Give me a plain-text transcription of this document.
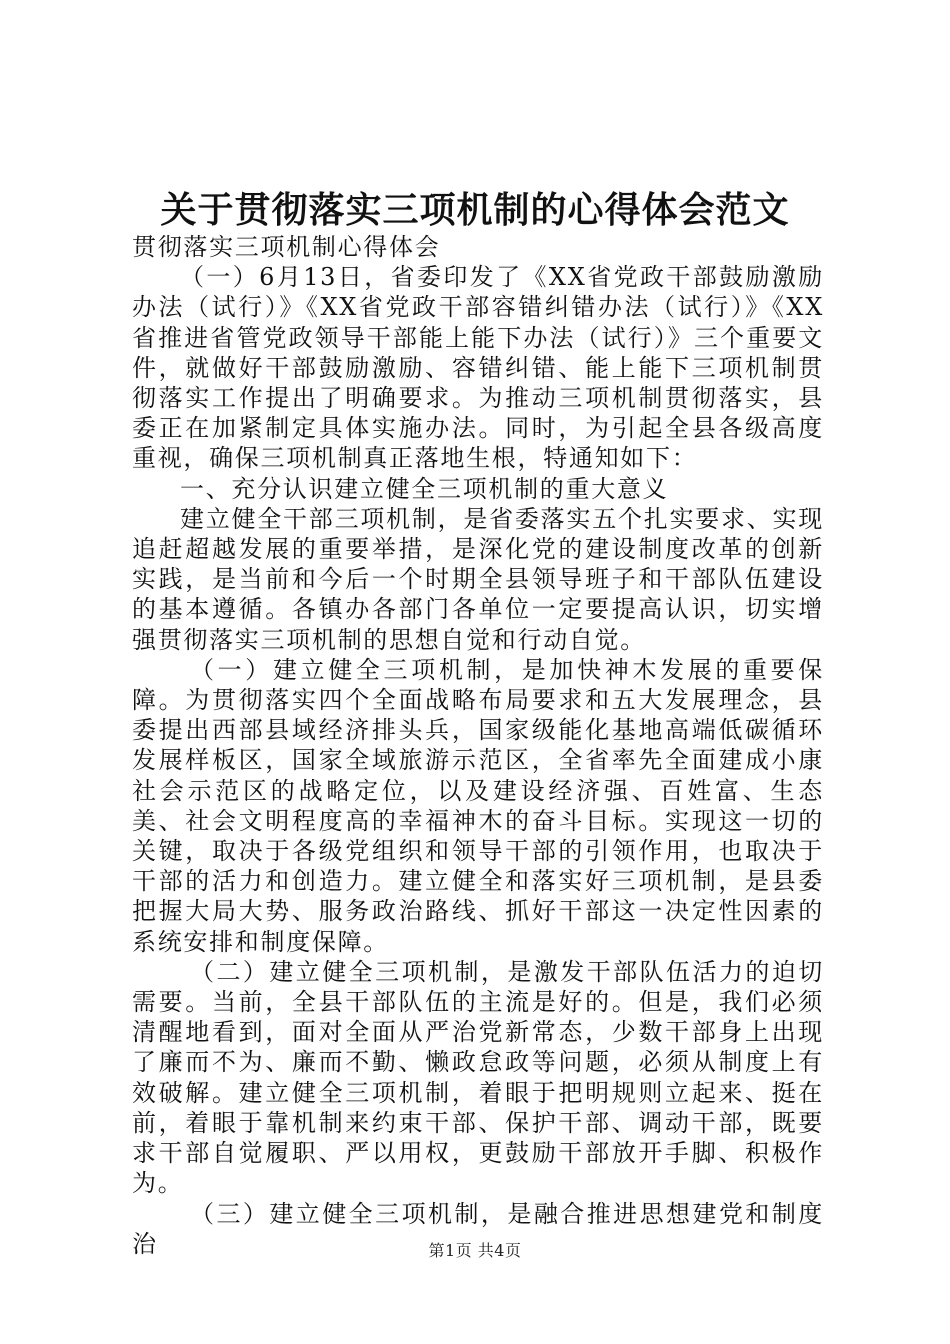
关于贯彻落实三项机制的心得体会范文

贯彻落实三项机制心得体会

（一）6月13日，省委印发了《XX省党政干部鼓励激励办法（试行）》《XX省党政干部容错纠错办法（试行）》《XX省推进省管党政领导干部能上能下办法（试行）》三个重要文件，就做好干部鼓励激励、容错纠错、能上能下三项机制贯彻落实工作提出了明确要求。为推动三项机制贯彻落实，县委正在加紧制定具体实施办法。同时，为引起全县各级高度重视，确保三项机制真正落地生根，特通知如下：

一、充分认识建立健全三项机制的重大意义

建立健全干部三项机制，是省委落实五个扎实要求、实现追赶超越发展的重要举措，是深化党的建设制度改革的创新实践，是当前和今后一个时期全县领导班子和干部队伍建设的基本遵循。各镇办各部门各单位一定要提高认识，切实增强贯彻落实三项机制的思想自觉和行动自觉。

（一）建立健全三项机制，是加快神木发展的重要保障。为贯彻落实四个全面战略布局要求和五大发展理念，县委提出西部县域经济排头兵，国家级能化基地高端低碳循环发展样板区，国家全域旅游示范区，全省率先全面建成小康社会示范区的战略定位，以及建设经济强、百姓富、生态美、社会文明程度高的幸福神木的奋斗目标。实现这一切的关键，取决于各级党组织和领导干部的引领作用，也取决于干部的活力和创造力。建立健全和落实好三项机制，是县委把握大局大势、服务政治路线、抓好干部这一决定性因素的系统安排和制度保障。

（二）建立健全三项机制，是激发干部队伍活力的迫切需要。当前，全县干部队伍的主流是好的。但是，我们必须清醒地看到，面对全面从严治党新常态，少数干部身上出现了廉而不为、廉而不勤、懒政怠政等问题，必须从制度上有效破解。建立健全三项机制，着眼于把明规则立起来、挺在前，着眼于靠机制来约束干部、保护干部、调动干部，既要求干部自觉履职、严以用权，更鼓励干部放开手脚、积极作为。

（三）建立健全三项机制，是融合推进思想建党和制度治	第1页 共4页
